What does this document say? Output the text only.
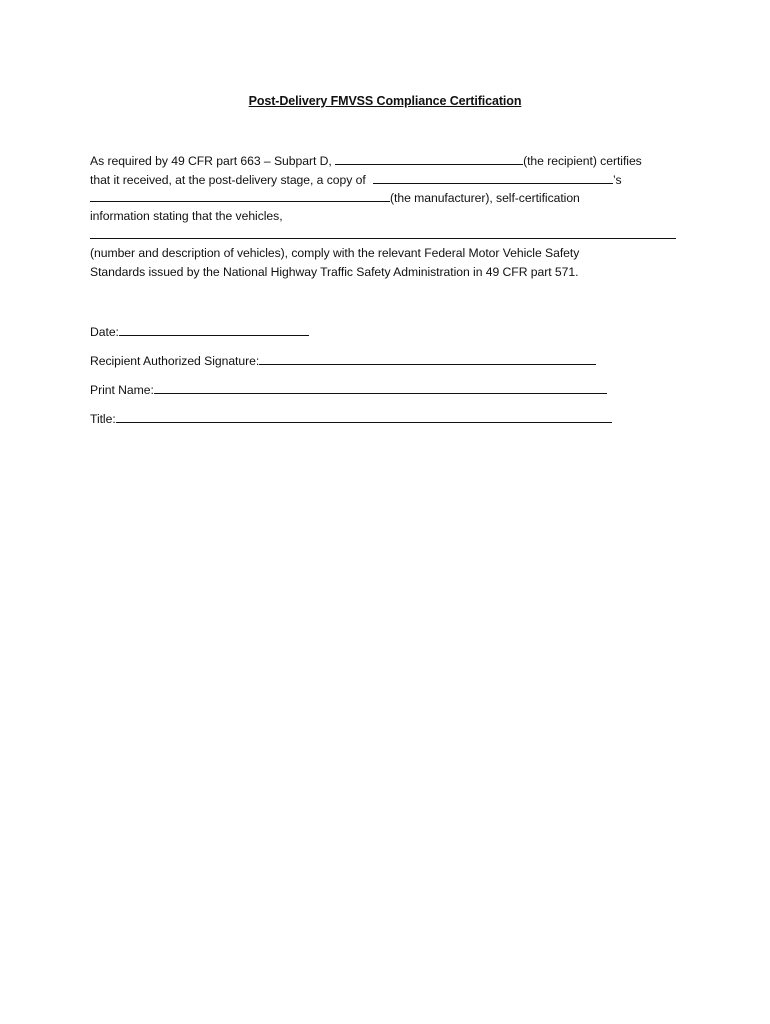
Post-Delivery FMVSS Compliance Certification
As required by 49 CFR part 663 – Subpart D,	(the recipient) certifies
that it received, at the post-delivery stage, a copy of	’s
(the manufacturer), self-certification
information stating that the vehicles,
(number and description of vehicles), comply with the relevant Federal Motor Vehicle Safety
Standards issued by the National Highway Traffic Safety Administration in 49 CFR part 571.
Date:
Recipient Authorized Signature:
Print Name:
Title:
